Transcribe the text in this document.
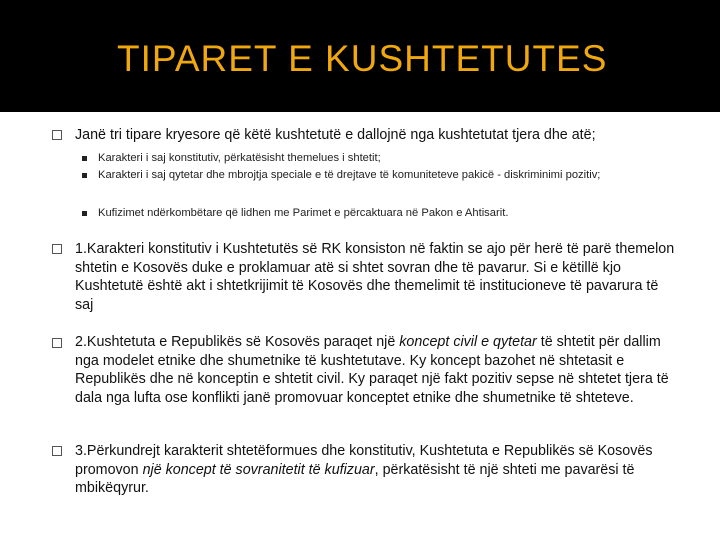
TIPARET E KUSHTETUTES
Janë tri tipare kryesore që këtë kushtetutë e dallojnë nga kushtetutat tjera dhe atë;
Karakteri i saj konstitutiv, përkatësisht themelues i shtetit;
Karakteri i saj qytetar dhe mbrojtja speciale e të drejtave të komuniteteve pakicë - diskriminimi pozitiv;
Kufizimet ndërkombëtare që lidhen me Parimet e përcaktuara në Pakon e Ahtisarit.
1.Karakteri konstitutiv i Kushtetutës së RK konsiston në faktin se ajo për herë të parë themelon shtetin e Kosovës duke e proklamuar atë si shtet sovran dhe të pavarur. Si e këtillë kjo Kushtetutë është akt i shtetkrijimit të Kosovës dhe themelimit të institucioneve të pavarura të saj
2.Kushtetuta e Republikës së Kosovës paraqet një koncept civil e qytetar të shtetit për dallim nga modelet etnike dhe shumetnike të kushtetutave. Ky koncept bazohet në shtetasit e Republikës dhe në konceptin e shtetit civil. Ky paraqet një fakt pozitiv sepse në shtetet tjera të dala nga lufta ose konflikti janë promovuar konceptet etnike dhe shumetnike të shteteve.
3.Përkundrejt karakterit shtetëformues dhe konstitutiv, Kushtetuta e Republikës së Kosovës promovon një koncept të sovranitetit të kufizuar, përkatësisht të një shteti me pavarësi të mbikëqyrur.
